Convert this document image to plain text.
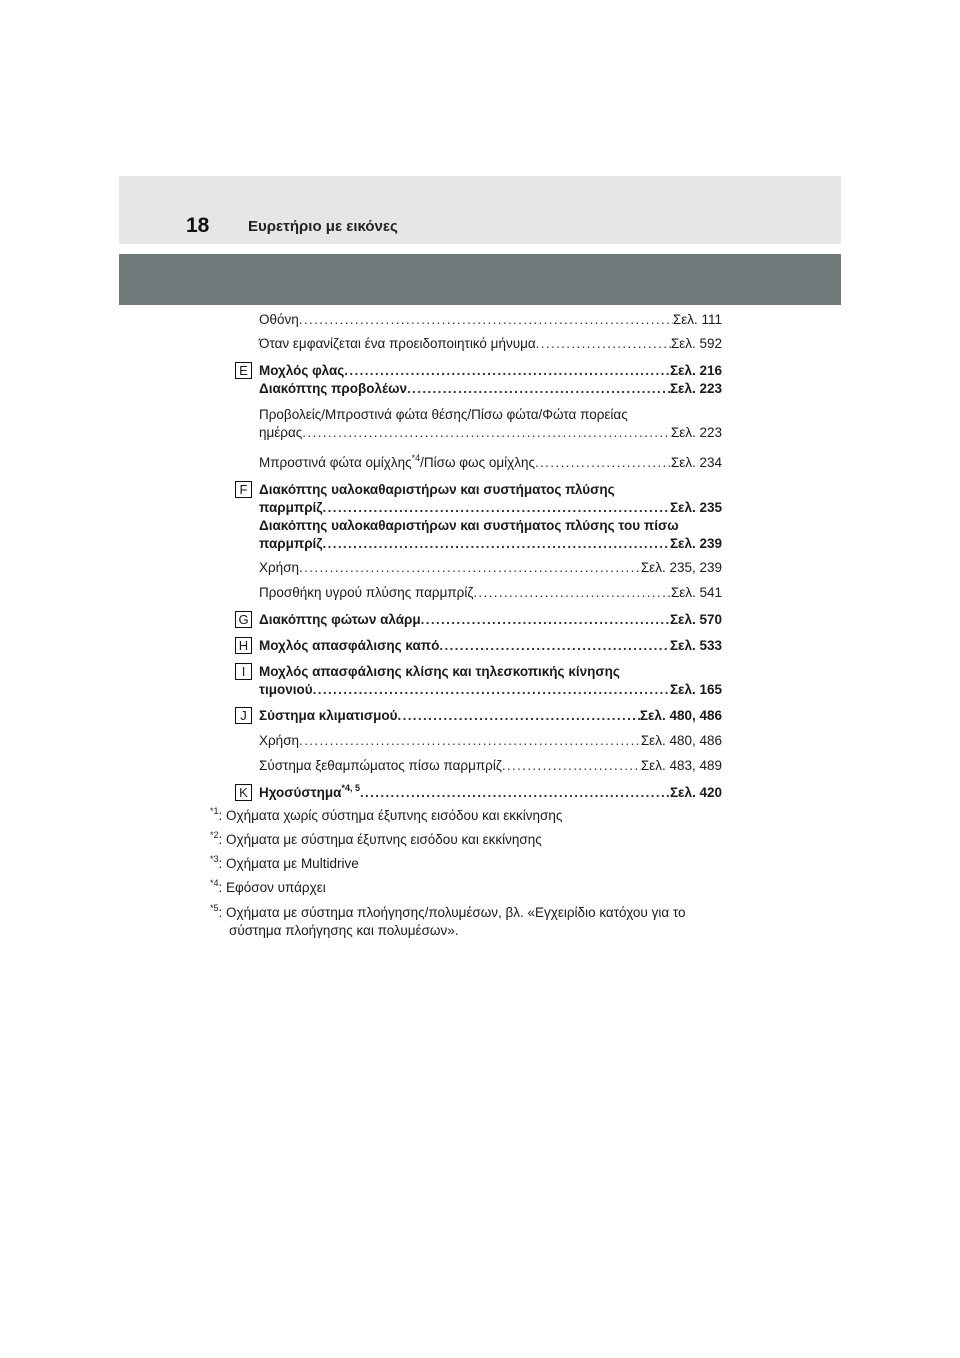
18	Ευρετήριο με εικόνες
Οθόνη . . .	Σελ. 111
Όταν εμφανίζεται ένα προειδοποιητικό μήνυμα . . .	Σελ. 592
E Μοχλός φλας . . .	Σελ. 216
Διακόπτης προβολέων . . .	Σελ. 223
Προβολείς/Μπροστινά φώτα θέσης/Πίσω φώτα/Φώτα πορείας
ημέρας . . .	Σελ. 223
Μπροστινά φώτα ομίχλης$^{*4}$/Πίσω φως ομίχλης . . .	Σελ. 234
F Διακόπτης υαλοκαθαριστήρων και συστήματος πλύσης
παρμπρίζ . . .	Σελ. 235
Διακόπτης υαλοκαθαριστήρων και συστήματος πλύσης του πίσω
παρμπρίζ . . .	Σελ. 239
Χρήση . . .	Σελ. 235, 239
Προσθήκη υγρού πλύσης παρμπρίζ . . .	Σελ. 541
G Διακόπτης φώτων αλάρμ . . .	Σελ. 570
H Μοχλός απασφάλισης καπό . . .	Σελ. 533
I	Μοχλός απασφάλισης κλίσης και τηλεσκοπικής κίνησης
τιμονιού . . .	Σελ. 165
J Σύστημα κλιματισμού . . .	Σελ. 480, 486
Χρήση . . .	Σελ. 480, 486
Σύστημα ξεθαμπώματος πίσω παρμπρίζ . . .	Σελ. 483, 489
K Ηχοσύστημα$^{*4, 5}$ . . .	Σελ. 420
$^{*1}$: Οχήματα χωρίς σύστημα έξυπνης εισόδου και εκκίνησης
$^{*2}$: Οχήματα με σύστημα έξυπνης εισόδου και εκκίνησης
$^{*3}$: Οχήματα με Multidrive
$^{*4}$: Εφόσον υπάρχει
$^{*5}$: Οχήματα με σύστημα πλοήγησης/πολυμέσων, βλ. «Εγχειρίδιο κατόχου για το
σύστημα πλοήγησης και πολυμέσων».
